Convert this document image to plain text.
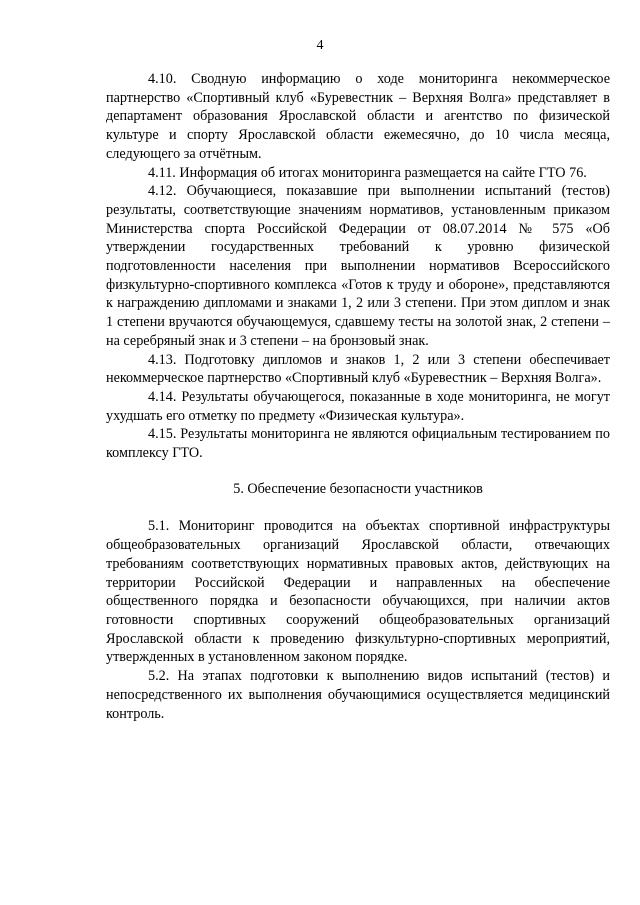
4

4.10. Сводную информацию о ходе мониторинга некоммерческое партнерство «Спортивный клуб «Буревестник – Верхняя Волга» представляет в департамент образования Ярославской области и агентство по физической культуре и спорту Ярославской области ежемесячно, до 10 числа месяца, следующего за отчётным.

4.11. Информация об итогах мониторинга размещается на сайте ГТО 76.

4.12. Обучающиеся, показавшие при выполнении испытаний (тестов) результаты, соответствующие значениям нормативов, установленным приказом Министерства спорта Российской Федерации от 08.07.2014 № 575 «Об утверждении государственных требований к уровню физической подготовленности населения при выполнении нормативов Всероссийского физкультурно-спортивного комплекса «Готов к труду и обороне», представляются к награждению дипломами и знаками 1, 2 или 3 степени. При этом диплом и знак 1 степени вручаются обучающемуся, сдавшему тесты на золотой знак, 2 степени – на серебряный знак и 3 степени – на бронзовый знак.

4.13. Подготовку дипломов и знаков 1, 2 или 3 степени обеспечивает некоммерческое партнерство «Спортивный клуб «Буревестник – Верхняя Волга».

4.14. Результаты обучающегося, показанные в ходе мониторинга, не могут ухудшать его отметку по предмету «Физическая культура».

4.15. Результаты мониторинга не являются официальным тестированием по комплексу ГТО.

5. Обеспечение безопасности участников

5.1. Мониторинг проводится на объектах спортивной инфраструктуры общеобразовательных организаций Ярославской области, отвечающих требованиям соответствующих нормативных правовых актов, действующих на территории Российской Федерации и направленных на обеспечение общественного порядка и безопасности обучающихся, при наличии актов готовности спортивных сооружений общеобразовательных организаций Ярославской области к проведению физкультурно-спортивных мероприятий, утвержденных в установленном законом порядке.

5.2. На этапах подготовки к выполнению видов испытаний (тестов) и непосредственного их выполнения обучающимися осуществляется медицинский контроль.
